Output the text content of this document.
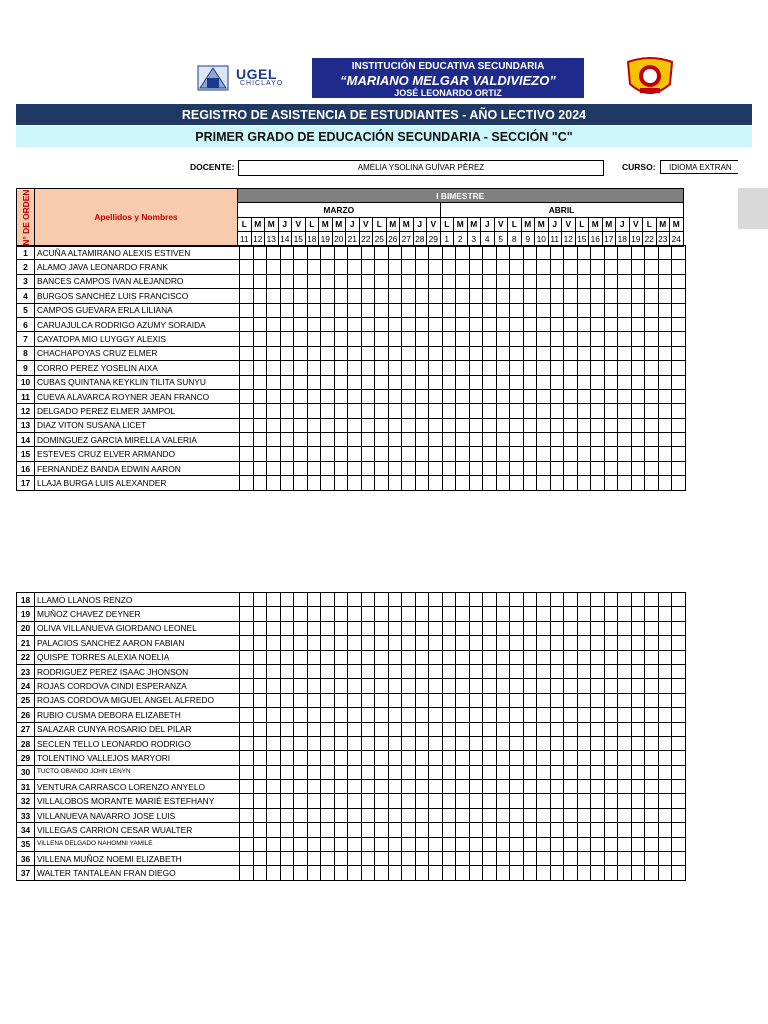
UGEL
CHICLAYO
INSTITUCIÓN EDUCATIVA SECUNDARIA
“MARIANO MELGAR VALDIVIEZO”
JOSÉ LEONARDO ORTIZ
REGISTRO DE ASISTENCIA DE ESTUDIANTES - AÑO LECTIVO 2024
PRIMER GRADO DE EDUCACIÓN SECUNDARIA - SECCIÓN "C"
DOCENTE:	AMELIA YSOLINA GUÍVAR PÉREZ	CURSO:	IDIOMA EXTRAN
N° DE ORDEN	Apellidos y Nombres	I BIMESTRE																																
		MARZO															ABRIL																	
		L	M	M	J	V	L	M	M	J	V	L	M	M	J	V	L	M	M	J	V	L	M	M	J	V	L	M	M	J	V	L	M	M
		11	12	13	14	15	18	19	20	21	22	25	26	27	28	29	1	2	3	4	5	8	9	10	11	12	15	16	17	18	19	22	23	24
1	ACUÑA ALTAMIRANO ALEXIS ESTIVEN																																	
2	ALAMO JAVA LEONARDO FRANK																																	
3	BANCES CAMPOS IVAN ALEJANDRO																																	
4	BURGOS SANCHEZ LUIS FRANCISCO																																	
5	CAMPOS GUEVARA ERLA LILIANA																																	
6	CARUAJULCA RODRIGO AZUMY SORAIDA																																	
7	CAYATOPA MIO LUYGGY ALEXIS																																	
8	CHACHAPOYAS CRUZ ELMER																																	
9	CORRO PEREZ YOSELIN AIXA																																	
10	CUBAS QUINTANA KEYKLIN TILITA SUNYU																																	
11	CUEVA ALAVARCA ROYNER JEAN FRANCO																																	
12	DELGADO PEREZ ELMER JAMPOL																																	
13	DIAZ VITON SUSANA LICET																																	
14	DOMINGUEZ GARCIA MIRELLA VALERIA																																	
15	ESTEVES CRUZ ELVER ARMANDO																																	
16	FERNANDEZ BANDA EDWIN AARON																																	
17	LLAJA BURGA LUIS ALEXANDER																																	
18	LLAMO LLANOS RENZO																																	
19	MUÑOZ CHAVEZ DEYNER																																	
20	OLIVA VILLANUEVA GIORDANO LEONEL																																	
21	PALACIOS SANCHEZ AARON FABIAN																																	
22	QUISPE TORRES ALEXIA NOELIA																																	
23	RODRIGUEZ PEREZ ISAAC JHONSON																																	
24	ROJAS CORDOVA CINDI ESPERANZA																																	
25	ROJAS CORDOVA MIGUEL ANGEL ALFREDO																																	
26	RUBIO CUSMA DEBORA ELIZABETH																																	
27	SALAZAR CUNYA ROSARIO DEL PILAR																																	
28	SECLEN TELLO LEONARDO RODRIGO																																	
29	TOLENTINO VALLEJOS MARYORI																																	
30	TUCTO OBANDO JOHN LENYN																																	
31	VENTURA CARRASCO LORENZO ANYELO																																	
32	VILLALOBOS MORANTE MARIÉ ESTEFHANY																																	
33	VILLANUEVA NAVARRO JOSE LUIS																																	
34	VILLEGAS CARRION CESAR WUALTER																																	
35	VILLENA DELGADO NAHOMNI YAMILE																																	
36	VILLENA MUÑOZ NOEMI ELIZABETH																																	
37	WALTER TANTALEAN FRAN DIEGO																																	
